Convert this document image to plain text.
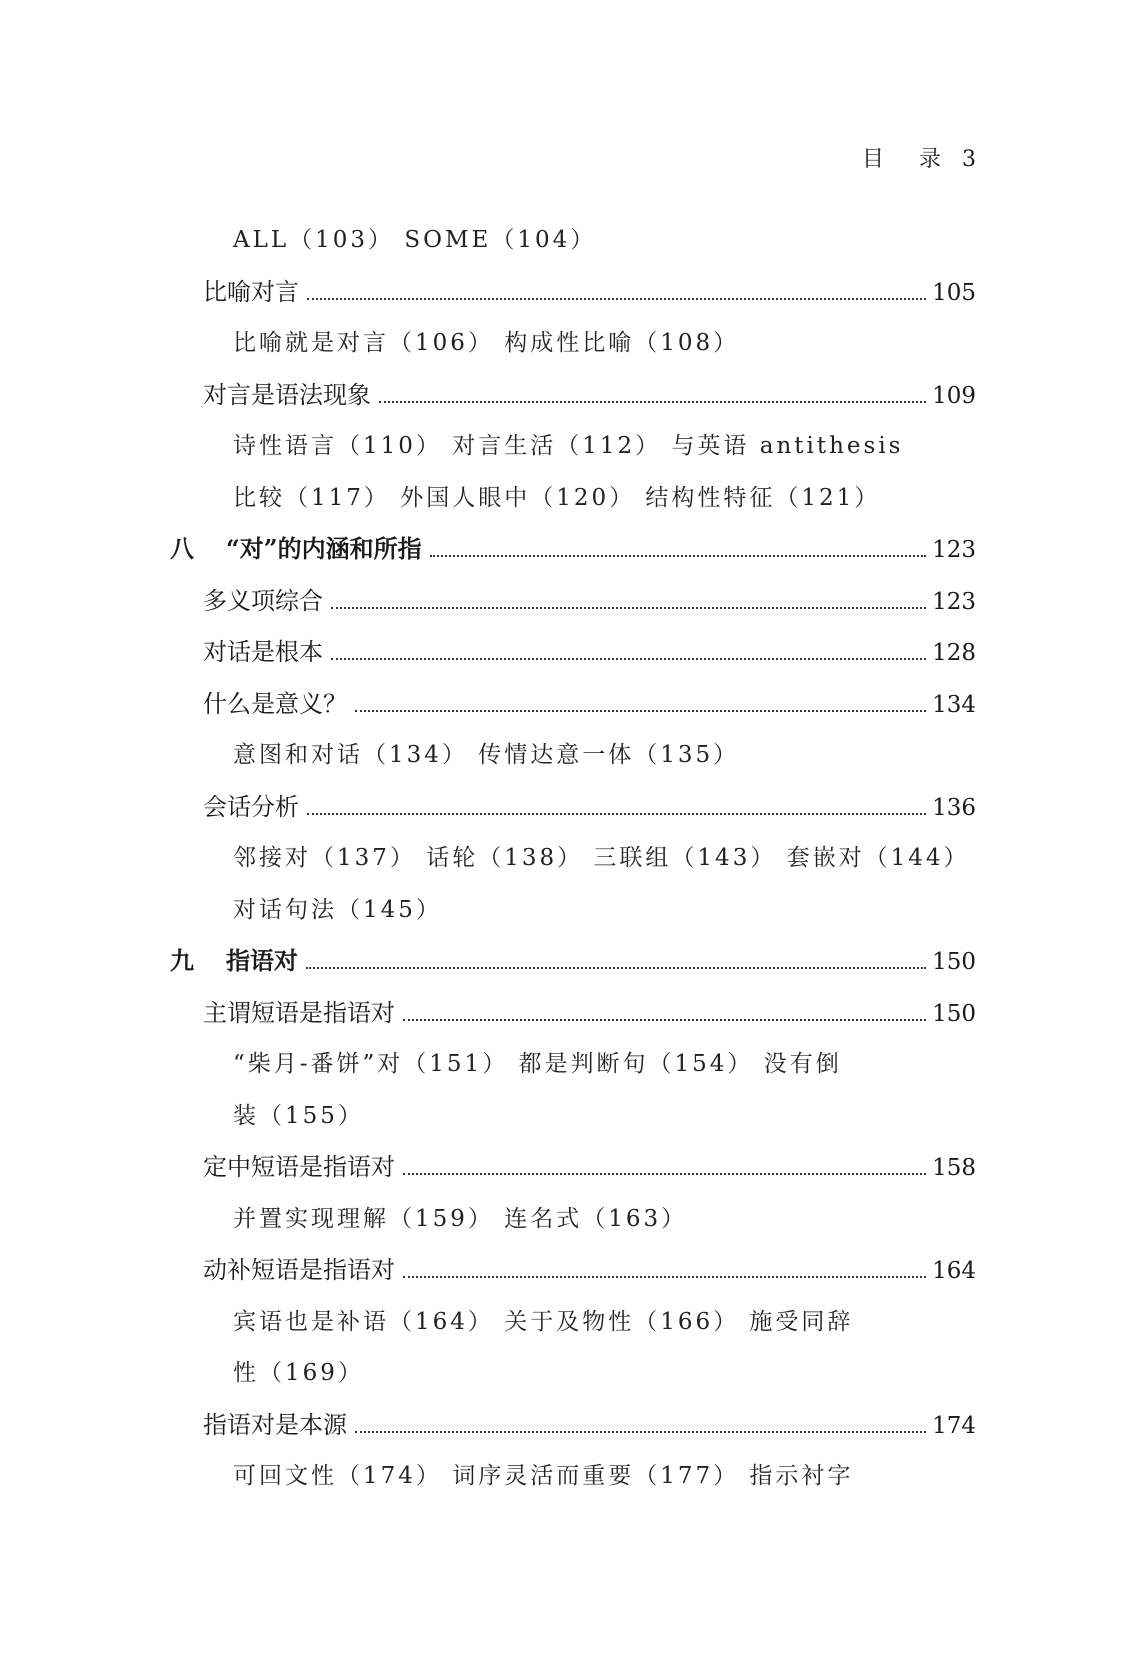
目 录 3
ALL（103） SOME（104）
比喻对言	105
比喻就是对言（106） 构成性比喻（108）
对言是语法现象	109
诗性语言（110） 对言生活（112） 与英语 antithesis
比较（117） 外国人眼中（120） 结构性特征（121）
八	“对”的内涵和所指	123
多义项综合	123
对话是根本	128
什么是意义？	134
意图和对话（134） 传情达意一体（135）
会话分析	136
邻接对（137） 话轮（138） 三联组（143） 套嵌对（144）
对话句法（145）
九	指语对	150
主谓短语是指语对	150
“柴月-番饼”对（151） 都是判断句（154） 没有倒
装（155）
定中短语是指语对	158
并置实现理解（159） 连名式（163）
动补短语是指语对	164
宾语也是补语（164） 关于及物性（166） 施受同辞
性（169）
指语对是本源	174
可回文性（174） 词序灵活而重要（177） 指示衬字
